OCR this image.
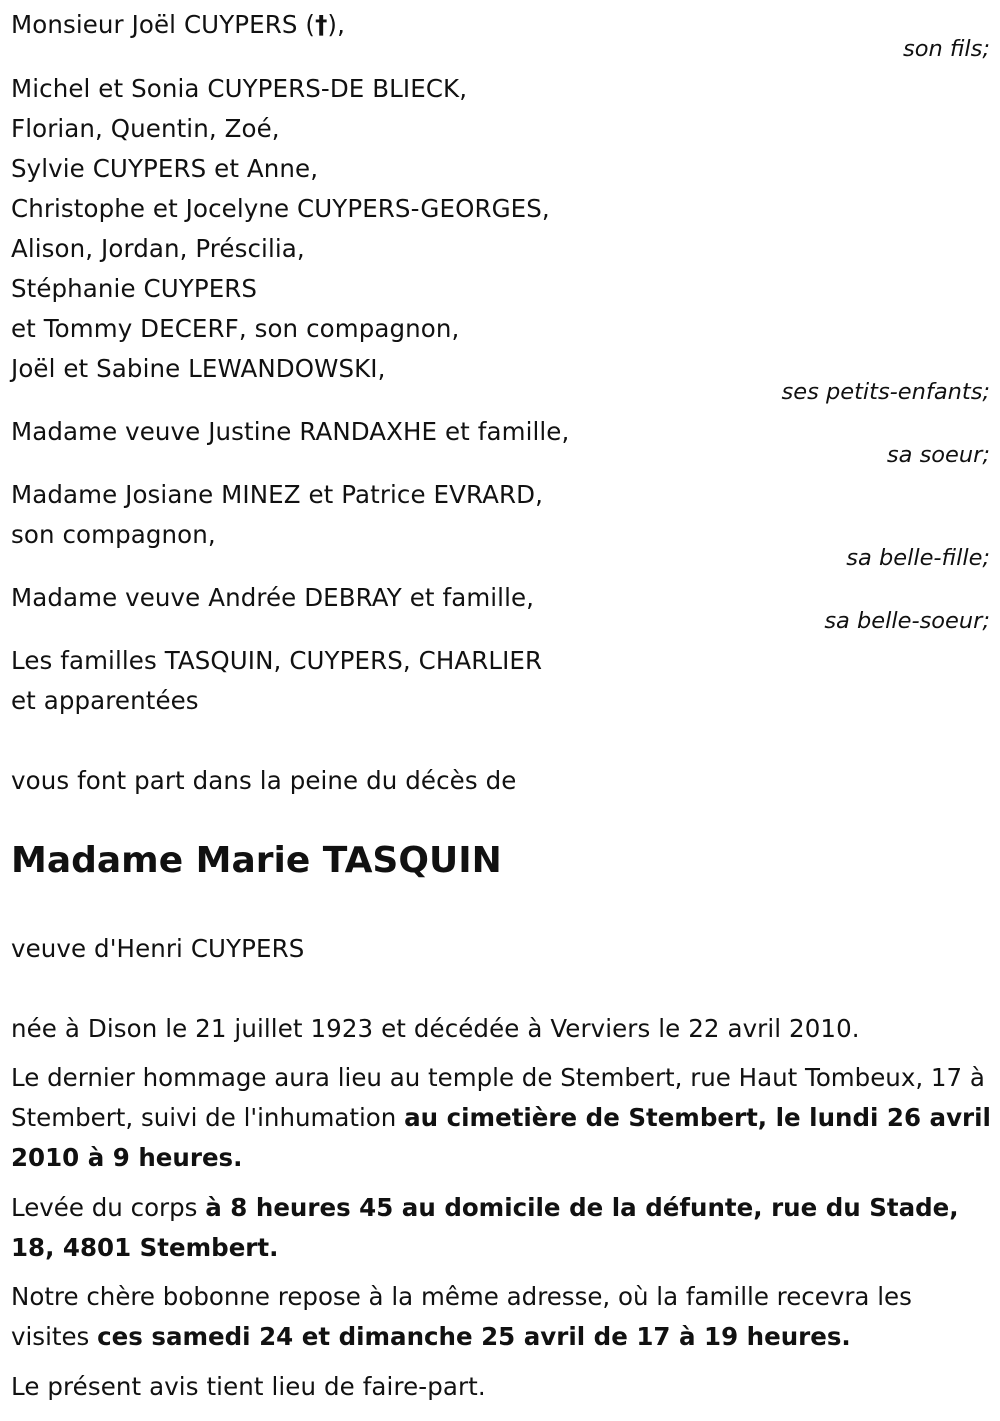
Monsieur Joël CUYPERS (†),
son fils;
Michel et Sonia CUYPERS-DE BLIECK,
Florian, Quentin, Zoé,
Sylvie CUYPERS et Anne,
Christophe et Jocelyne CUYPERS-GEORGES,
Alison, Jordan, Préscilia,
Stéphanie CUYPERS
et Tommy DECERF, son compagnon,
Joël et Sabine LEWANDOWSKI,
ses petits-enfants;
Madame veuve Justine RANDAXHE et famille,
sa soeur;
Madame Josiane MINEZ et Patrice EVRARD,
son compagnon,
sa belle-fille;
Madame veuve Andrée DEBRAY et famille,
sa belle-soeur;
Les familles TASQUIN, CUYPERS, CHARLIER
et apparentées
vous font part dans la peine du décès de
Madame Marie TASQUIN
veuve d'Henri CUYPERS
née à Dison le 21 juillet 1923 et décédée à Verviers le 22 avril 2010.
Le dernier hommage aura lieu au temple de Stembert, rue Haut Tombeux, 17 à Stembert, suivi de l'inhumation au cimetière de Stembert, le lundi 26 avril 2010 à 9 heures.
Levée du corps à 8 heures 45 au domicile de la défunte, rue du Stade, 18, 4801 Stembert.
Notre chère bobonne repose à la même adresse, où la famille recevra les visites ces samedi 24 et dimanche 25 avril de 17 à 19 heures.
Le présent avis tient lieu de faire-part.
